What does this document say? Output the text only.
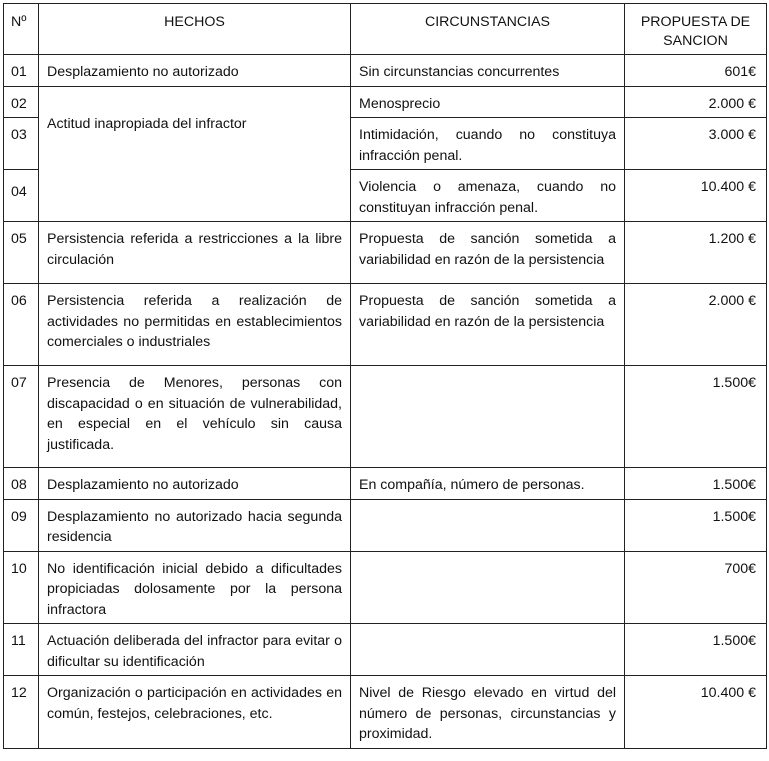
Nº	HECHOS	CIRCUNSTANCIAS	PROPUESTA DE SANCION
01	Desplazamiento no autorizado	Sin circunstancias concurrentes	601€
02	Actitud inapropiada del infractor	Menosprecio	2.000 €
03		Intimidación, cuando no constituya infracción penal.	3.000 €
04		Violencia o amenaza, cuando no constituyan infracción penal.	10.400 €
05	Persistencia referida a restricciones a la libre circulación	Propuesta de sanción sometida a variabilidad en razón de la persistencia	1.200 €
06	Persistencia referida a realización de actividades no permitidas en establecimientos comerciales o industriales	Propuesta de sanción sometida a variabilidad en razón de la persistencia	2.000 €
07	Presencia de Menores, personas con discapacidad o en situación de vulnerabilidad, en especial en el vehículo sin causa justificada.		1.500€
08	Desplazamiento no autorizado	En compañía, número de personas.	1.500€
09	Desplazamiento no autorizado hacia segunda residencia		1.500€
10	No identificación inicial debido a dificultades propiciadas dolosamente por la persona infractora		700€
11	Actuación deliberada del infractor para evitar o dificultar su identificación		1.500€
12	Organización o participación en actividades en común, festejos, celebraciones, etc.	Nivel de Riesgo elevado en virtud del número de personas, circunstancias y proximidad.	10.400 €
